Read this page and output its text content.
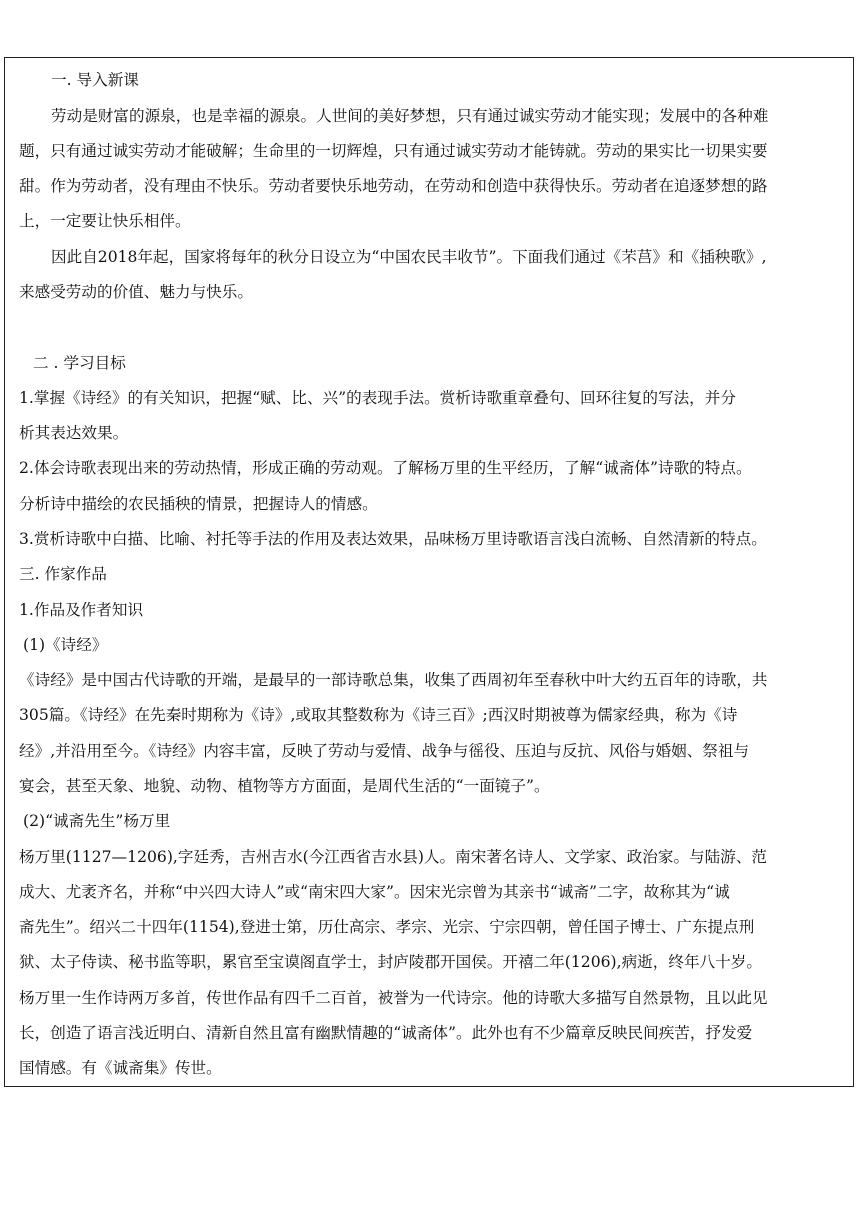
一. 导入新课

劳动是财富的源泉，也是幸福的源泉。人世间的美好梦想，只有通过诚实劳动才能实现；发展中的各种难

题，只有通过诚实劳动才能破解；生命里的一切辉煌，只有通过诚实劳动才能铸就。劳动的果实比一切果实要

甜。作为劳动者，没有理由不快乐。劳动者要快乐地劳动，在劳动和创造中获得快乐。劳动者在追逐梦想的路

上，一定要让快乐相伴。

因此自2018年起，国家将每年的秋分日设立为“中国农民丰收节”。下面我们通过《芣莒》和《插秧歌》,

来感受劳动的价值、魅力与快乐。

二 . 学习目标

1.掌握《诗经》的有关知识，把握“赋、比、兴”的表现手法。赏析诗歌重章叠句、回环往复的写法，并分

析其表达效果。

2.体会诗歌表现出来的劳动热情，形成正确的劳动观。了解杨万里的生平经历，了解“诚斋体”诗歌的特点。

分析诗中描绘的农民插秧的情景，把握诗人的情感。

3.赏析诗歌中白描、比喻、衬托等手法的作用及表达效果，品味杨万里诗歌语言浅白流畅、自然清新的特点。

三. 作家作品

1.作品及作者知识

(1)《诗经》

《诗经》是中国古代诗歌的开端，是最早的一部诗歌总集，收集了西周初年至春秋中叶大约五百年的诗歌，共

305篇。《诗经》在先秦时期称为《诗》,或取其整数称为《诗三百》;西汉时期被尊为儒家经典，称为《诗

经》,并沿用至今。《诗经》内容丰富，反映了劳动与爱情、战争与徭役、压迫与反抗、风俗与婚姻、祭祖与

宴会，甚至天象、地貌、动物、植物等方方面面，是周代生活的“一面镜子”。

(2)“诚斋先生”杨万里

杨万里(1127—1206),字廷秀，吉州吉水(今江西省吉水县)人。南宋著名诗人、文学家、政治家。与陆游、范

成大、尤袤齐名，并称“中兴四大诗人”或“南宋四大家”。因宋光宗曾为其亲书“诚斋”二字，故称其为“诚

斋先生”。绍兴二十四年(1154),登进士第，历仕高宗、孝宗、光宗、宁宗四朝，曾任国子博士、广东提点刑

狱、太子侍读、秘书监等职，累官至宝谟阁直学士，封庐陵郡开国侯。开禧二年(1206),病逝，终年八十岁。

杨万里一生作诗两万多首，传世作品有四千二百首，被誉为一代诗宗。他的诗歌大多描写自然景物，且以此见

长，创造了语言浅近明白、清新自然且富有幽默情趣的“诚斋体”。此外也有不少篇章反映民间疾苦，抒发爱

国情感。有《诚斋集》传世。
